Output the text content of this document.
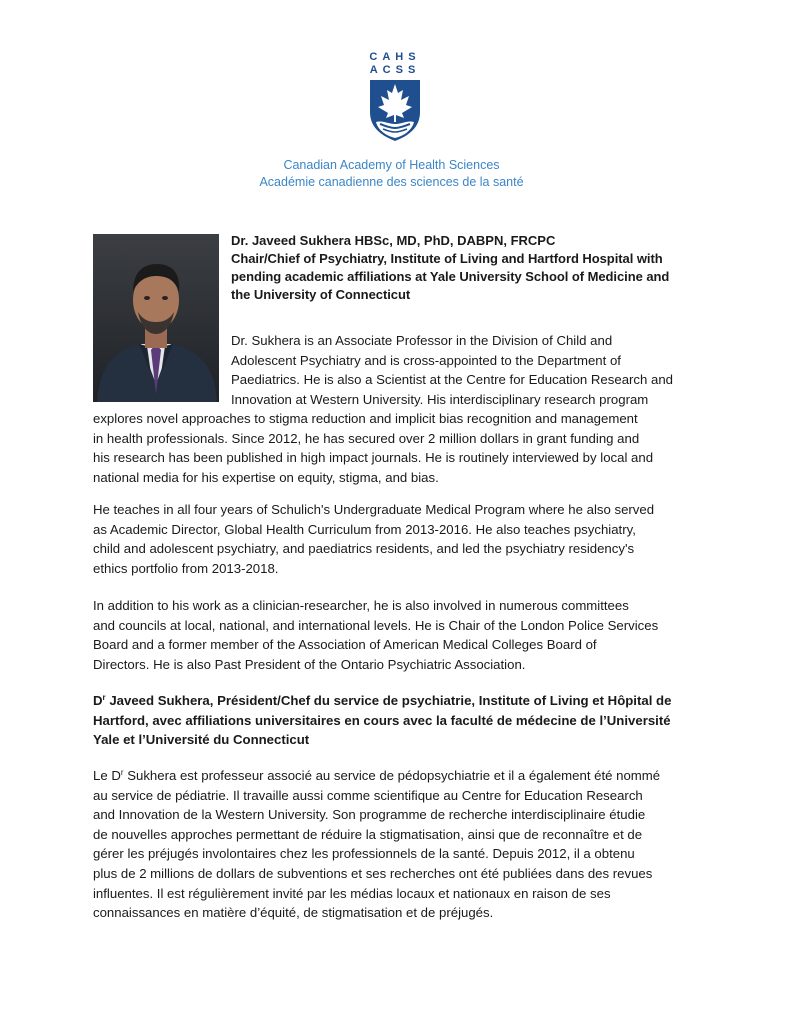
CAHS
ACSS
Canadian Academy of Health Sciences
Académie canadienne des sciences de la santé
Dr. Javeed Sukhera HBSc, MD, PhD, DABPN, FRCPC
Chair/Chief of Psychiatry, Institute of Living and Hartford Hospital with
pending academic affiliations at Yale University School of Medicine and
the University of Connecticut
Dr. Sukhera is an Associate Professor in the Division of Child and
Adolescent Psychiatry and is cross-appointed to the Department of
Paediatrics. He is also a Scientist at the Centre for Education Research and
Innovation at Western University. His interdisciplinary research program
explores novel approaches to stigma reduction and implicit bias recognition and management
in health professionals. Since 2012, he has secured over 2 million dollars in grant funding and
his research has been published in high impact journals. He is routinely interviewed by local and
national media for his expertise on equity, stigma, and bias.
He teaches in all four years of Schulich's Undergraduate Medical Program where he also served
as Academic Director, Global Health Curriculum from 2013-2016. He also teaches psychiatry,
child and adolescent psychiatry, and paediatrics residents, and led the psychiatry residency's
ethics portfolio from 2013-2018.
In addition to his work as a clinician-researcher, he is also involved in numerous committees
and councils at local, national, and international levels. He is Chair of the London Police Services
Board and a former member of the Association of American Medical Colleges Board of
Directors. He is also Past President of the Ontario Psychiatric Association.
$D^r$ Javeed Sukhera, Président/Chef du service de psychiatrie, Institute of Living et Hôpital de
Hartford, avec affiliations universitaires en cours avec la faculté de médecine de l’Université
Yale et l’Université du Connecticut
Le $D^r$ Sukhera est professeur associé au service de pédopsychiatrie et il a également été nommé
au service de pédiatrie. Il travaille aussi comme scientifique au Centre for Education Research
and Innovation de la Western University. Son programme de recherche interdisciplinaire étudie
de nouvelles approches permettant de réduire la stigmatisation, ainsi que de reconnaître et de
gérer les préjugés involontaires chez les professionnels de la santé. Depuis 2012, il a obtenu
plus de 2 millions de dollars de subventions et ses recherches ont été publiées dans des revues
influentes. Il est régulièrement invité par les médias locaux et nationaux en raison de ses
connaissances en matière d’équité, de stigmatisation et de préjugés.
